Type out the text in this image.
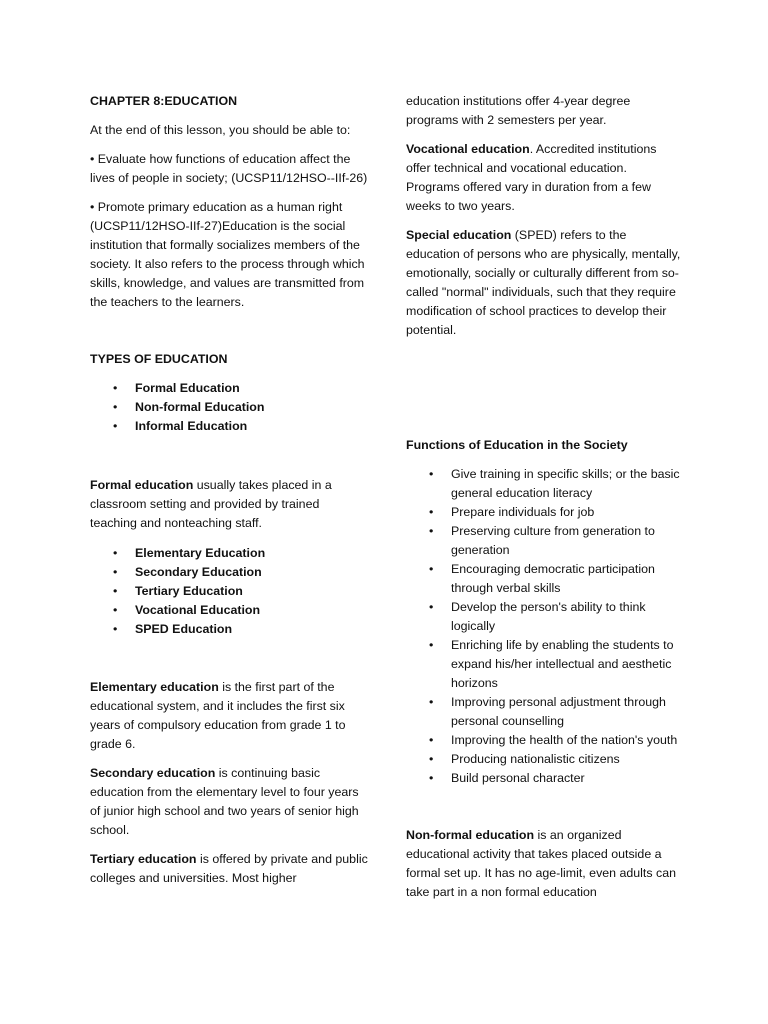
CHAPTER 8:EDUCATION

At the end of this lesson, you should be able to:

• Evaluate how functions of education affect the lives of people in society; (UCSP11/12HSO--IIf-26)

• Promote primary education as a human right (UCSP11/12HSO-IIf-27)Education is the social institution that formally socializes members of the society. It also refers to the process through which skills, knowledge, and values are transmitted from the teachers to the learners.

TYPES OF EDUCATION

• Formal Education
• Non-formal Education
• Informal Education

Formal education usually takes placed in a classroom setting and provided by trained teaching and nonteaching staff.

• Elementary Education
• Secondary Education
• Tertiary Education
• Vocational Education
• SPED Education

Elementary education is the first part of the educational system, and it includes the first six years of compulsory education from grade 1 to grade 6.

Secondary education is continuing basic education from the elementary level to four years of junior high school and two years of senior high school.

Tertiary education is offered by private and public colleges and universities. Most higher

education institutions offer 4-year degree programs with 2 semesters per year.

Vocational education. Accredited institutions offer technical and vocational education. Programs offered vary in duration from a few weeks to two years.

Special education (SPED) refers to the education of persons who are physically, mentally, emotionally, socially or culturally different from so-called "normal" individuals, such that they require modification of school practices to develop their potential.

Functions of Education in the Society

• Give training in specific skills; or the basic general education literacy
• Prepare individuals for job
• Preserving culture from generation to generation
• Encouraging democratic participation through verbal skills
• Develop the person's ability to think logically
• Enriching life by enabling the students to expand his/her intellectual and aesthetic horizons
• Improving personal adjustment through personal counselling
• Improving the health of the nation's youth
• Producing nationalistic citizens
• Build personal character

Non-formal education is an organized educational activity that takes placed outside a formal set up. It has no age-limit, even adults can take part in a non formal education
